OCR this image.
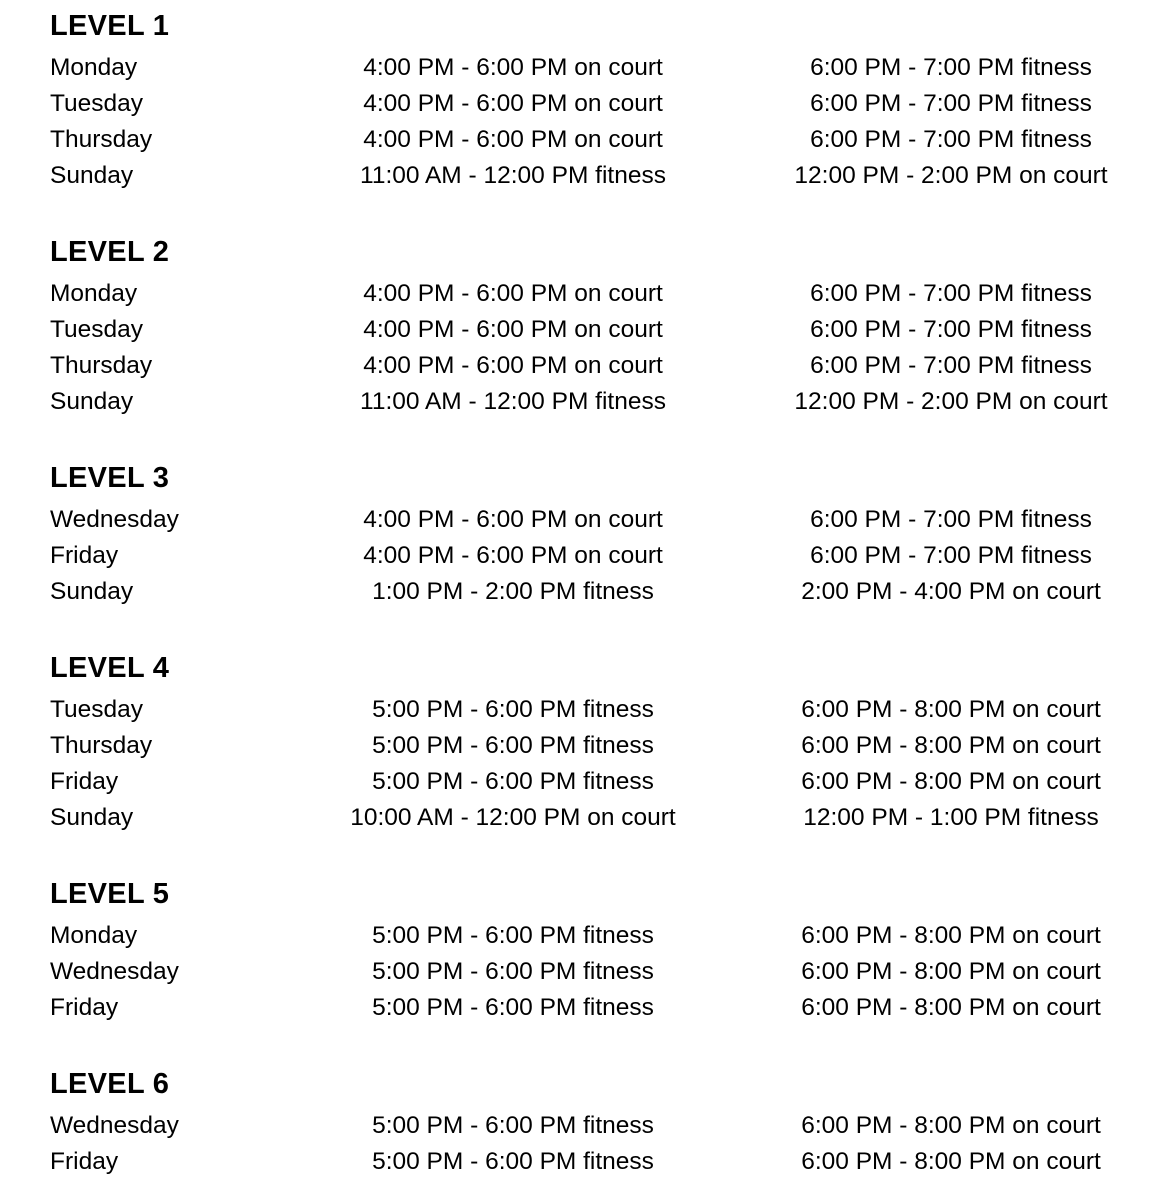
LEVEL 1
Monday	4:00 PM - 6:00 PM on court	6:00 PM - 7:00 PM fitness
Tuesday	4:00 PM - 6:00 PM on court	6:00 PM - 7:00 PM fitness
Thursday	4:00 PM - 6:00 PM on court	6:00 PM - 7:00 PM fitness
Sunday	11:00 AM - 12:00 PM fitness	12:00 PM - 2:00 PM on court
LEVEL 2
Monday	4:00 PM - 6:00 PM on court	6:00 PM - 7:00 PM fitness
Tuesday	4:00 PM - 6:00 PM on court	6:00 PM - 7:00 PM fitness
Thursday	4:00 PM - 6:00 PM on court	6:00 PM - 7:00 PM fitness
Sunday	11:00 AM - 12:00 PM fitness	12:00 PM - 2:00 PM on court
LEVEL 3
Wednesday	4:00 PM - 6:00 PM on court	6:00 PM - 7:00 PM fitness
Friday	4:00 PM - 6:00 PM on court	6:00 PM - 7:00 PM fitness
Sunday	1:00 PM - 2:00 PM fitness	2:00 PM - 4:00 PM on court
LEVEL 4
Tuesday	5:00 PM - 6:00 PM fitness	6:00 PM - 8:00 PM on court
Thursday	5:00 PM - 6:00 PM fitness	6:00 PM - 8:00 PM on court
Friday	5:00 PM - 6:00 PM fitness	6:00 PM - 8:00 PM on court
Sunday	10:00 AM - 12:00 PM on court	12:00 PM - 1:00 PM fitness
LEVEL 5
Monday	5:00 PM - 6:00 PM fitness	6:00 PM - 8:00 PM on court
Wednesday	5:00 PM - 6:00 PM fitness	6:00 PM - 8:00 PM on court
Friday	5:00 PM - 6:00 PM fitness	6:00 PM - 8:00 PM on court
LEVEL 6
Wednesday	5:00 PM - 6:00 PM fitness	6:00 PM - 8:00 PM on court
Friday	5:00 PM - 6:00 PM fitness	6:00 PM - 8:00 PM on court
